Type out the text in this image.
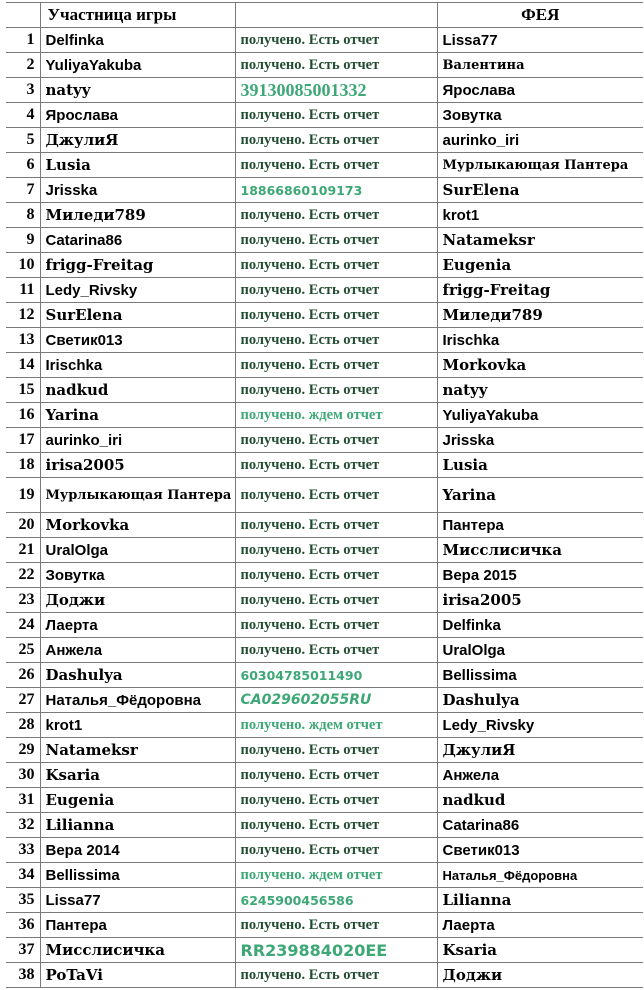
	Участница игры		ФЕЯ
1	Delfinka	получено. Есть отчет	Lissa77
2	YuliyaYakuba	получено. Есть отчет	Валентина
3	natyy	39130085001332	Ярослава
4	Ярослава	получено. Есть отчет	Зовутка
5	ДжулиЯ	получено. Есть отчет	aurinko_iri
6	Lusia	получено. Есть отчет	Мурлыкающая Пантера
7	Jrisska	18866860109173	SurElena
8	Миледи789	получено. Есть отчет	krot1
9	Catarina86	получено. Есть отчет	Natameksr
10	frigg-Freitag	получено. Есть отчет	Eugenia
11	Ledy_Rivsky	получено. Есть отчет	frigg-Freitag
12	SurElena	получено. Есть отчет	Миледи789
13	Светик013	получено. Есть отчет	Irischka
14	Irischka	получено. Есть отчет	Morkovka
15	nadkud	получено. Есть отчет	natyy
16	Yarina	получено. ждем отчет	YuliyaYakuba
17	aurinko_iri	получено. Есть отчет	Jrisska
18	irisa2005	получено. Есть отчет	Lusia
19	Мурлыкающая Пантера	получено. Есть отчет	Yarina
20	Morkovka	получено. Есть отчет	Пантера
21	UralOlga	получено. Есть отчет	Мисслисичка
22	Зовутка	получено. Есть отчет	Вера 2015
23	Доджи	получено. Есть отчет	irisa2005
24	Лаерта	получено. Есть отчет	Delfinka
25	Анжела	получено. Есть отчет	UralOlga
26	Dashulya	60304785011490	Bellissima
27	Наталья_Фёдоровна	CA029602055RU	Dashulya
28	krot1	получено. ждем отчет	Ledy_Rivsky
29	Natameksr	получено. Есть отчет	ДжулиЯ
30	Ksaria	получено. Есть отчет	Анжела
31	Eugenia	получено. Есть отчет	nadkud
32	Lilianna	получено. Есть отчет	Catarina86
33	Вера 2014	получено. Есть отчет	Светик013
34	Bellissima	получено. ждем отчет	Наталья_Фёдоровна
35	Lissa77	6245900456586	Lilianna
36	Пантера	получено. Есть отчет	Лаерта
37	Мисслисичка	RR239884020EE	Ksaria
38	PoTaVi	получено. Есть отчет	Доджи
